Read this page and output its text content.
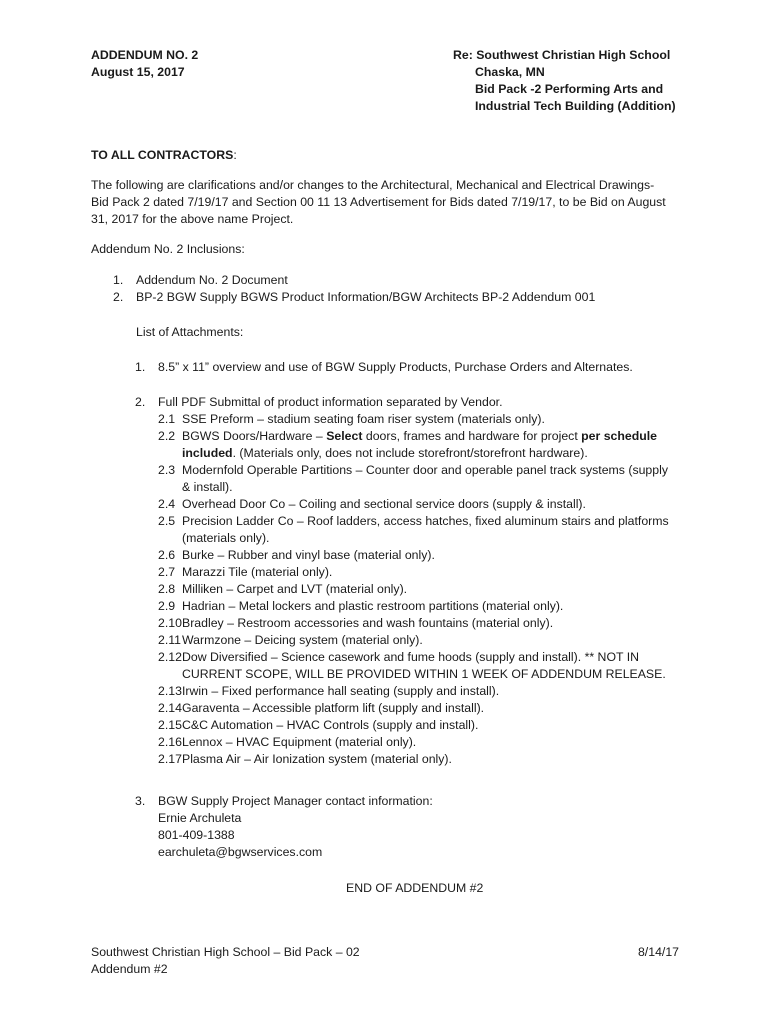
ADDENDUM NO. 2
August 15, 2017
Re: Southwest Christian High School
Chaska, MN
Bid Pack -2 Performing Arts and
Industrial Tech Building (Addition)
TO ALL CONTRACTORS:
The following are clarifications and/or changes to the Architectural, Mechanical and Electrical Drawings-
Bid Pack 2 dated 7/19/17 and Section 00 11 13 Advertisement for Bids dated 7/19/17, to be Bid on August
31, 2017 for the above name Project.
Addendum No. 2 Inclusions:
1. Addendum No. 2 Document
2. BP-2 BGW Supply BGWS Product Information/BGW Architects BP-2 Addendum 001
List of Attachments:
1. 8.5” x 11” overview and use of BGW Supply Products, Purchase Orders and Alternates.
2. Full PDF Submittal of product information separated by Vendor.
2.1 SSE Preform – stadium seating foam riser system (materials only).
2.2 BGWS Doors/Hardware – Select doors, frames and hardware for project per schedule
included. (Materials only, does not include storefront/storefront hardware).
2.3 Modernfold Operable Partitions – Counter door and operable panel track systems (supply
& install).
2.4 Overhead Door Co – Coiling and sectional service doors (supply & install).
2.5 Precision Ladder Co – Roof ladders, access hatches, fixed aluminum stairs and platforms
(materials only).
2.6 Burke – Rubber and vinyl base (material only).
2.7 Marazzi Tile (material only).
2.8 Milliken – Carpet and LVT (material only).
2.9 Hadrian – Metal lockers and plastic restroom partitions (material only).
2.10Bradley – Restroom accessories and wash fountains (material only).
2.11Warmzone – Deicing system (material only).
2.12Dow Diversified – Science casework and fume hoods (supply and install). ** NOT IN
CURRENT SCOPE, WILL BE PROVIDED WITHIN 1 WEEK OF ADDENDUM RELEASE.
2.13Irwin – Fixed performance hall seating (supply and install).
2.14Garaventa – Accessible platform lift (supply and install).
2.15C&C Automation – HVAC Controls (supply and install).
2.16Lennox – HVAC Equipment (material only).
2.17Plasma Air – Air Ionization system (material only).
3. BGW Supply Project Manager contact information:
Ernie Archuleta
801-409-1388
earchuleta@bgwservices.com
END OF ADDENDUM #2
Southwest Christian High School – Bid Pack – 02
Addendum #2
8/14/17
